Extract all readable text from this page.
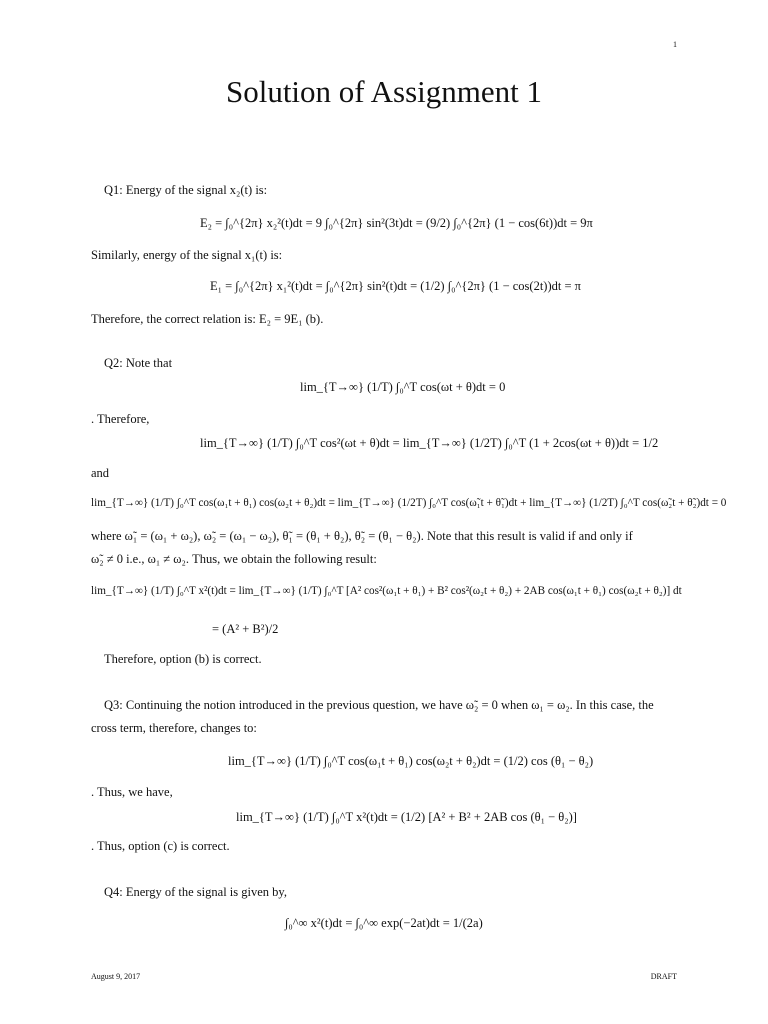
1
Solution of Assignment 1
Q1: Energy of the signal x₂(t) is:
E₂ = ∫₀^{2π} x₂²(t)dt = 9 ∫₀^{2π} sin²(3t)dt = (9/2) ∫₀^{2π} (1 − cos(6t))dt = 9π
Similarly, energy of the signal x₁(t) is:
E₁ = ∫₀^{2π} x₁²(t)dt = ∫₀^{2π} sin²(t)dt = (1/2) ∫₀^{2π} (1 − cos(2t))dt = π
Therefore, the correct relation is: E₂ = 9E₁ (b).
Q2: Note that
lim_{T→∞} (1/T) ∫₀^T cos(ωt + θ)dt = 0
. Therefore,
lim_{T→∞} (1/T) ∫₀^T cos²(ωt + θ)dt = lim_{T→∞} (1/2T) ∫₀^T (1 + 2cos(ωt + θ))dt = 1/2
and
lim_{T→∞} (1/T) ∫₀^T cos(ω₁t + θ₁) cos(ω₂t + θ₂)dt = lim_{T→∞} (1/2T) ∫₀^T cos(ω̃₁t + θ̃₁)dt + lim_{T→∞} (1/2T) ∫₀^T cos(ω̃₂t + θ̃₂)dt = 0
where ω̃₁ = (ω₁ + ω₂), ω̃₂ = (ω₁ − ω₂), θ̃₁ = (θ₁ + θ₂), θ̃₂ = (θ₁ − θ₂). Note that this result is valid if and only if
ω̃₂ ≠ 0 i.e., ω₁ ≠ ω₂. Thus, we obtain the following result:
lim_{T→∞} (1/T) ∫₀^T x²(t)dt = lim_{T→∞} (1/T) ∫₀^T [A² cos²(ω₁t + θ₁) + B² cos²(ω₂t + θ₂) + 2AB cos(ω₁t + θ₁) cos(ω₂t + θ₂)] dt
= (A² + B²)/2
Therefore, option (b) is correct.
Q3: Continuing the notion introduced in the previous question, we have ω̃₂ = 0 when ω₁ = ω₂. In this case, the
cross term, therefore, changes to:
lim_{T→∞} (1/T) ∫₀^T cos(ω₁t + θ₁) cos(ω₂t + θ₂)dt = (1/2) cos (θ₁ − θ₂)
. Thus, we have,
lim_{T→∞} (1/T) ∫₀^T x²(t)dt = (1/2) [A² + B² + 2AB cos (θ₁ − θ₂)]
. Thus, option (c) is correct.
Q4: Energy of the signal is given by,
∫₀^∞ x²(t)dt = ∫₀^∞ exp(−2at)dt = 1/(2a)
August 9, 2017	DRAFT
